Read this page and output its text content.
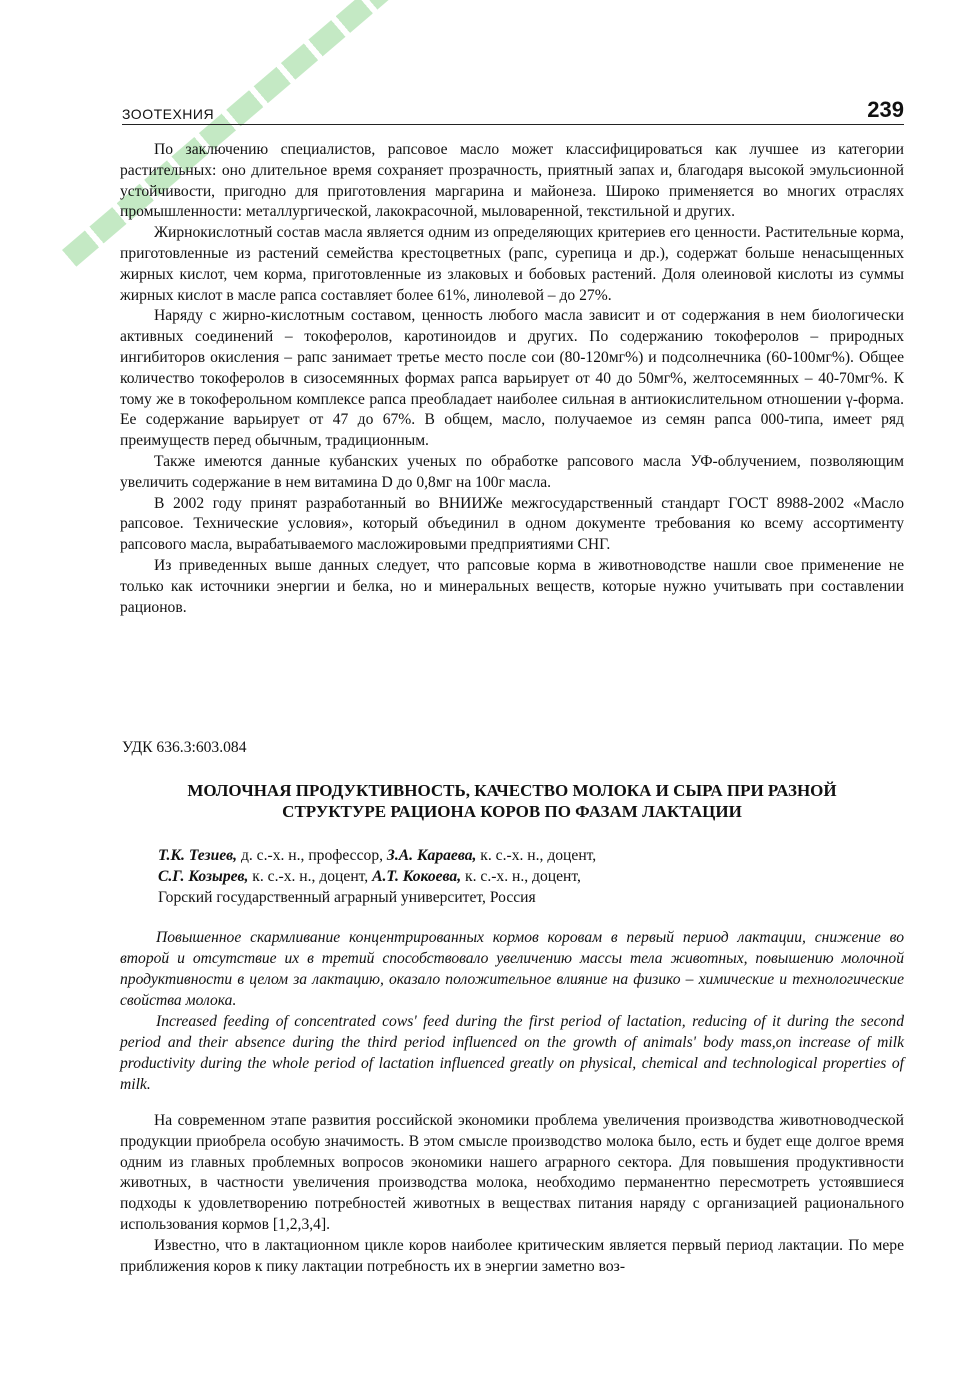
ЗООТЕХНИЯ	239

По заключению специалистов, рапсовое масло может классифицироваться как лучшее из категории растительных: оно длительное время сохраняет прозрачность, приятный запах и, благодаря высокой эмульсионной устойчивости, пригодно для приготовления маргарина и майонеза. Широко применяется во многих отраслях промышленности: металлургической, лакокрасочной, мыловаренной, текстильной и других.

Жирнокислотный состав масла является одним из определяющих критериев его ценности. Растительные корма, приготовленные из растений семейства крестоцветных (рапс, сурепица и др.), содержат больше ненасыщенных жирных кислот, чем корма, приготовленные из злаковых и бобовых растений. Доля олеиновой кислоты из суммы жирных кислот в масле рапса составляет более 61%, линолевой – до 27%.

Наряду с жирно-кислотным составом, ценность любого масла зависит и от содержания в нем биологически активных соединений – токоферолов, каротиноидов и других. По содержанию токоферолов – природных ингибиторов окисления – рапс занимает третье место после сои (80-120мг%) и подсолнечника (60-100мг%). Общее количество токоферолов в сизосемянных формах рапса варьирует от 40 до 50мг%, желтосемянных – 40-70мг%. К тому же в токоферольном комплексе рапса преобладает наиболее сильная в антиокислительном отношении γ-форма. Ее содержание варьирует от 47 до 67%. В общем, масло, получаемое из семян рапса 000-типа, имеет ряд преимуществ перед обычным, традиционным.

Также имеются данные кубанских ученых по обработке рапсового масла УФ-облучением, позволяющим увеличить содержание в нем витамина D до 0,8мг на 100г масла.

В 2002 году принят разработанный во ВНИИЖе межгосударственный стандарт ГОСТ 8988-2002 «Масло рапсовое. Технические условия», который объединил в одном документе требования ко всему ассортименту рапсового масла, вырабатываемого масложировыми предприятиями СНГ.

Из приведенных выше данных следует, что рапсовые корма в животноводстве нашли свое применение не только как источники энергии и белка, но и минеральных веществ, которые нужно учитывать при составлении рационов.

УДК 636.3:603.084
МОЛОЧНАЯ ПРОДУКТИВНОСТЬ, КАЧЕСТВО МОЛОКА И СЫРА ПРИ РАЗНОЙ
СТРУКТУРЕ РАЦИОНА КОРОВ ПО ФАЗАМ ЛАКТАЦИИ
Т.К. Тезиев, д. с.-х. н., профессор, З.А. Караева, к. с.-х. н., доцент,
С.Г. Козырев, к. с.-х. н., доцент, А.Т. Кокоева, к. с.-х. н., доцент,
Горский государственный аграрный университет, Россия

Повышенное скармливание концентрированных кормов коровам в первый период лактации, снижение во второй и отсутствие их в третий способствовало увеличению массы тела животных, повышению молочной продуктивности в целом за лактацию, оказало положительное влияние на физико – химические и технологические свойства молока.

Increased feeding of concentrated cows' feed during the first period of lactation, reducing of it during the second period and their absence during the third period influenced on the growth of animals' body mass,on increase of milk productivity during the whole period of lactation influenced greatly on physical, chemical and technological properties of milk.

На современном этапе развития российской экономики проблема увеличения производства животноводческой продукции приобрела особую значимость. В этом смысле производство молока было, есть и будет еще долгое время одним из главных проблемных вопросов экономики нашего аграрного сектора. Для повышения продуктивности животных, в частности увеличения производства молока, необходимо перманентно пересмотреть устоявшиеся подходы к удовлетворению потребностей животных в веществах питания наряду с организацией рационального использования кормов [1,2,3,4].

Известно, что в лактационном цикле коров наиболее критическим является первый период лактации. По мере приближения коров к пику лактации потребность их в энергии заметно воз-
